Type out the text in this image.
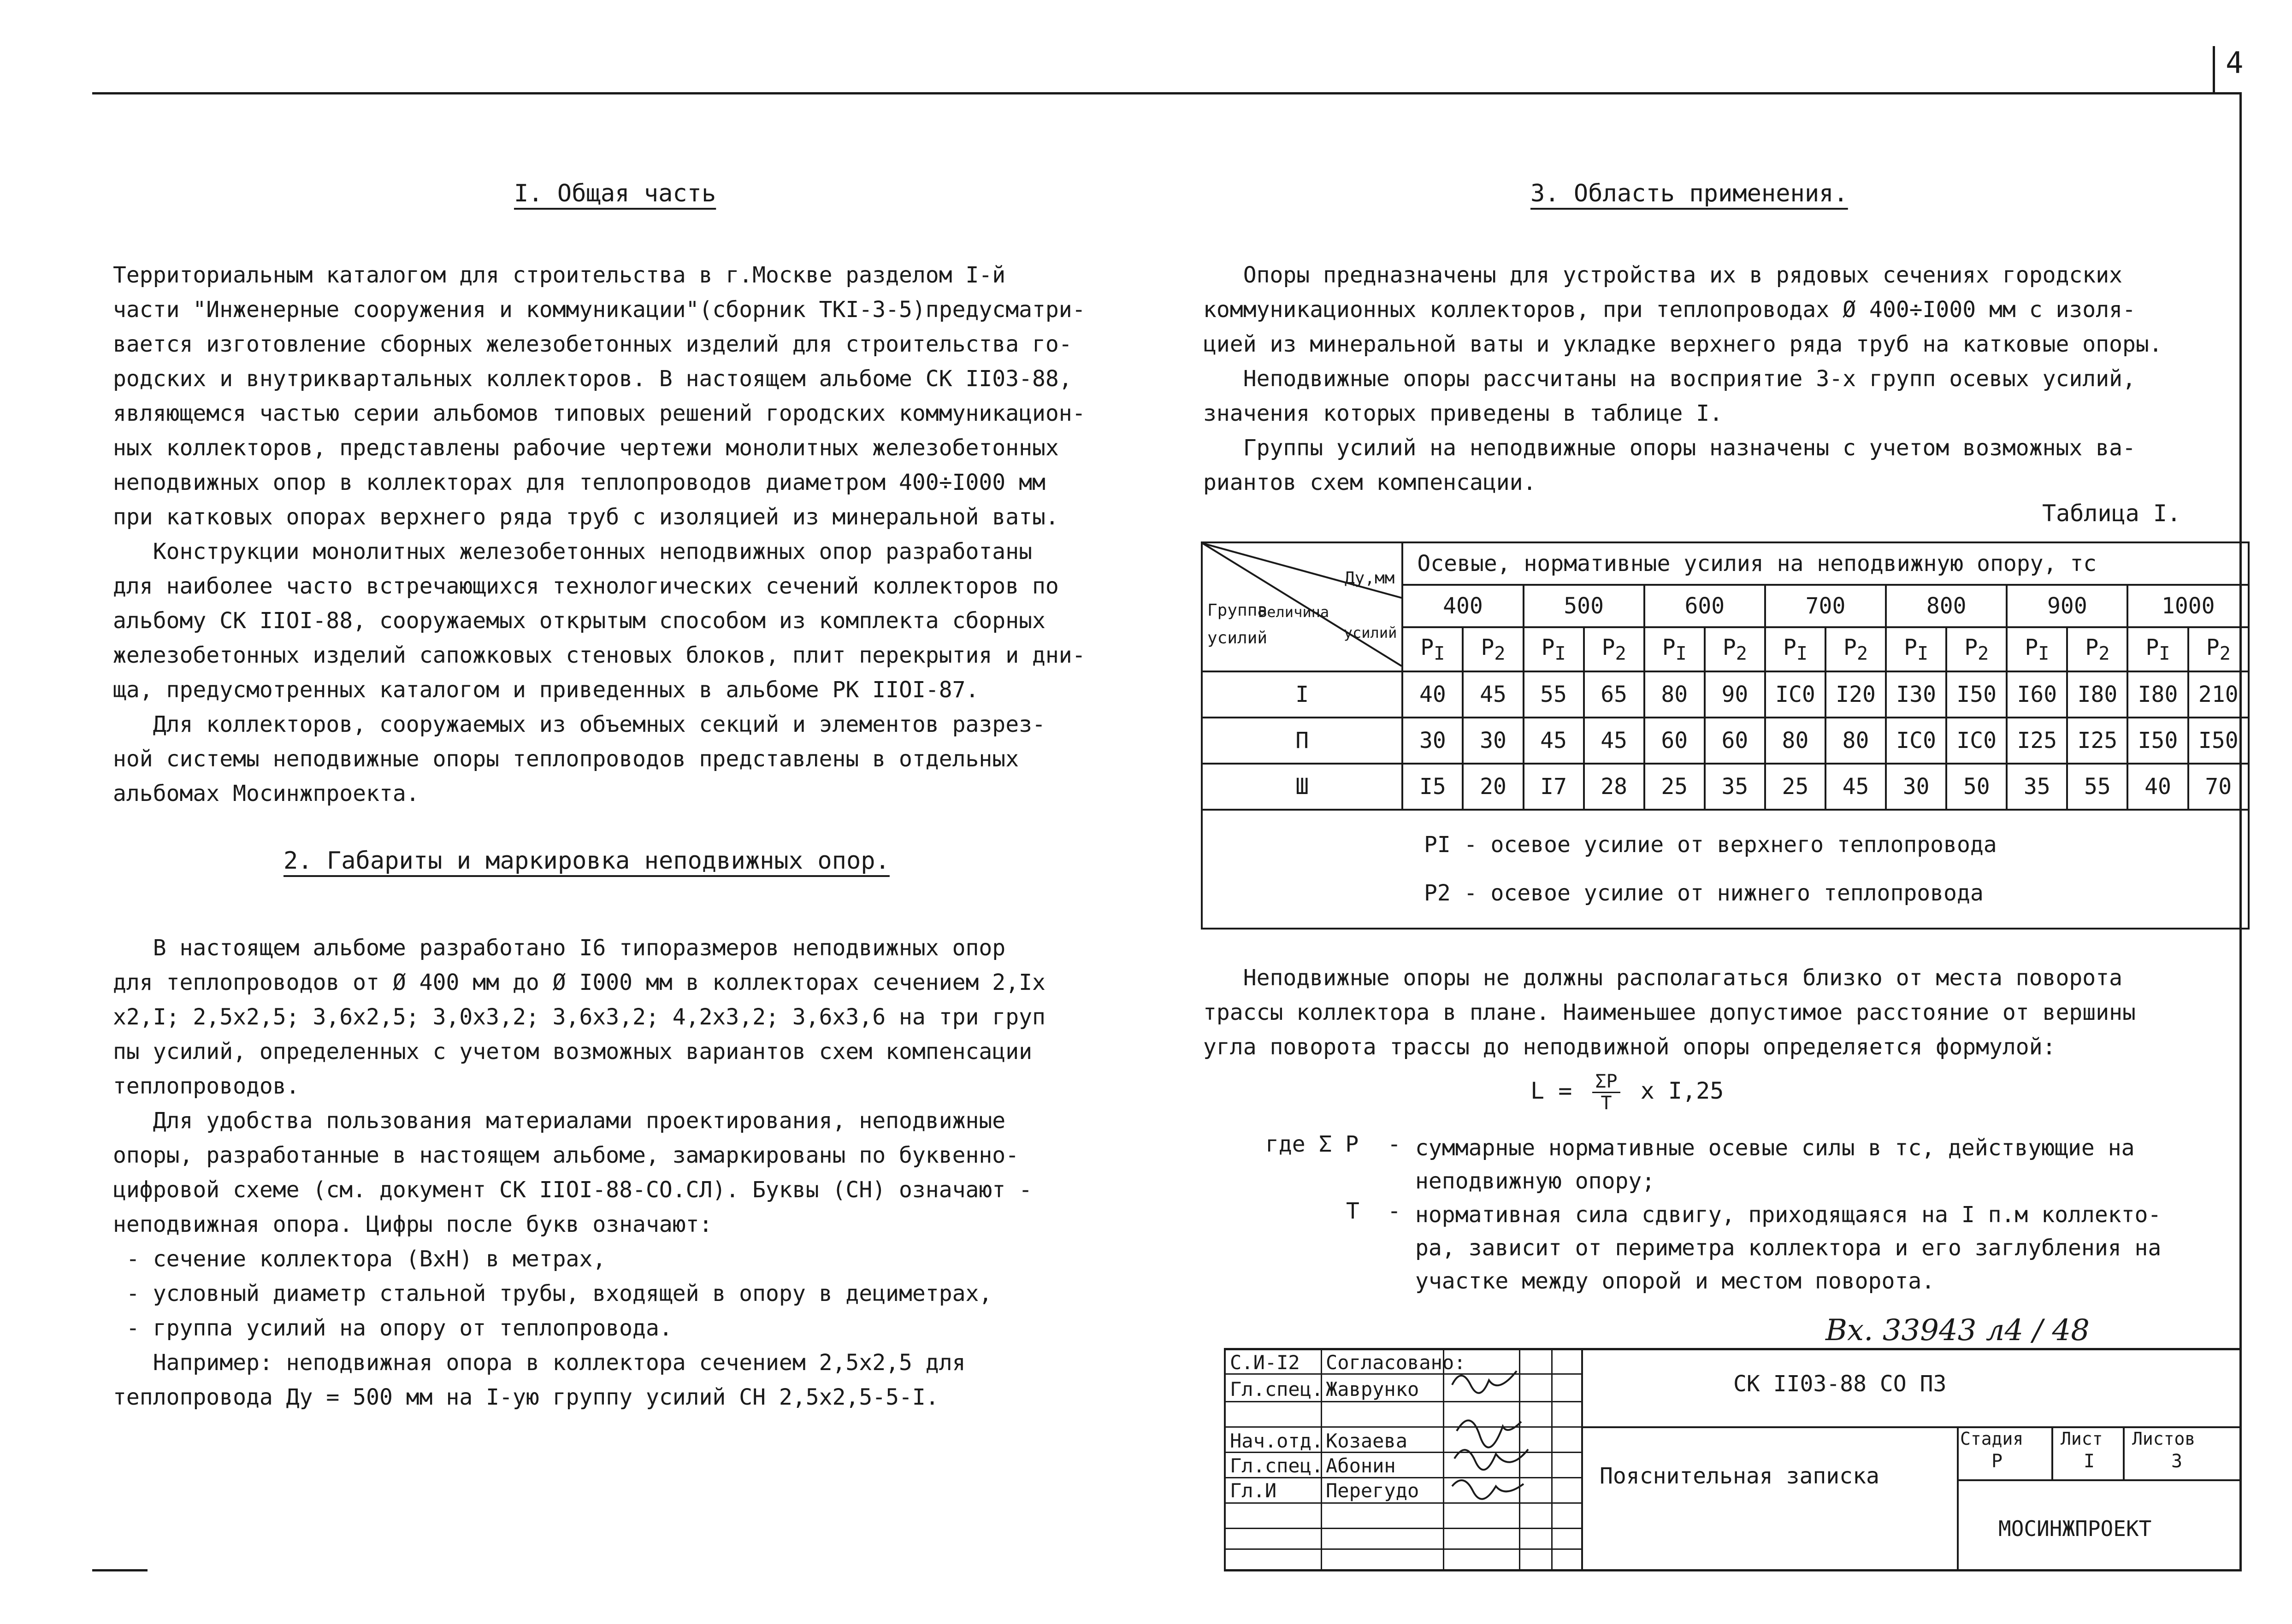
4
I. Общая часть
Территориальным каталогом для строительства в г.Москве разделом I-й
части "Инженерные сооружения и коммуникации"(сборник ТКI-3-5)предусматри-
вается изготовление сборных железобетонных изделий для строительства го-
родских и внутриквартальных коллекторов. В настоящем альбоме СК II03-88,
являющемся частью серии альбомов типовых решений городских коммуникацион-
ных коллекторов, представлены рабочие чертежи монолитных железобетонных
неподвижных опор в коллекторах для теплопроводов диаметром 400÷I000 мм
при катковых опорах верхнего ряда труб с изоляцией из минеральной ваты.
Конструкции монолитных железобетонных неподвижных опор разработаны
для наиболее часто встречающихся технологических сечений коллекторов по
альбому СК IIOI-88, сооружаемых открытым способом из комплекта сборных
железобетонных изделий сапожковых стеновых блоков, плит перекрытия и дни-
ща, предусмотренных каталогом и приведенных в альбоме РК IIOI-87.
Для коллекторов, сооружаемых из объемных секций и элементов разрез-
ной системы неподвижные опоры теплопроводов представлены в отдельных
альбомах Мосинжпроекта.
2. Габариты и маркировка неподвижных опор.
В настоящем альбоме разработано I6 типоразмеров неподвижных опор
для теплопроводов от Ø 400 мм до Ø I000 мм в коллекторах сечением 2,Iх
х2,I; 2,5х2,5; 3,6х2,5; 3,0х3,2; 3,6х3,2; 4,2х3,2; 3,6х3,6 на три груп
пы усилий, определенных с учетом возможных вариантов схем компенсации
теплопроводов.
Для удобства пользования материалами проектирования, неподвижные
опоры, разработанные в настоящем альбоме, замаркированы по буквенно-
цифровой схеме (см. документ СК IIOI-88-СО.СЛ). Буквы (СН) означают -
неподвижная опора. Цифры после букв означают:
- сечение коллектора (ВхН) в метрах,
- условный диаметр стальной трубы, входящей в опору в дециметрах,
- группа усилий на опору от теплопровода.
Например: неподвижная опора в коллектора сечением 2,5х2,5 для
теплопровода Ду = 500 мм на I-ую группу усилий СН 2,5х2,5-5-I.
3. Область применения.
Опоры предназначены для устройства их в рядовых сечениях городских
коммуникационных коллекторов, при теплопроводах Ø 400÷I000 мм с изоля-
цией из минеральной ваты и укладке верхнего ряда труб на катковые опоры.
Неподвижные опоры рассчитаны на восприятие 3-х групп осевых усилий,
значения которых приведены в таблице I.
Группы усилий на неподвижные опоры назначены с учетом возможных ва-
риантов схем компенсации.
Таблица I.
Ду,мм
Величина
усилий
Группа
усилий	Осевые, нормативные усилия на неподвижную опору, тс													
	400		500		600		700		800		900		1000	
	$P_I$	$P_2$	$P_I$	$P_2$	$P_I$	$P_2$	$P_I$	$P_2$	$P_I$	$P_2$	$P_I$	$P_2$	$P_I$	$P_2$
I	40	45	55	65	80	90	IC0	I20	I30	I50	I60	I80	I80	210
П	30	30	45	45	60	60	80	80	IC0	IC0	I25	I25	I50	I50
Ш	I5	20	I7	28	25	35	25	45	30	50	35	55	40	70

PI - осевое усилие от верхнего теплопровода
P2 - осевое усилие от нижнего теплопровода														
Неподвижные опоры не должны располагаться близко от места поворота
трассы коллектора в плане. Наименьшее допустимое расстояние от вершины
угла поворота трассы до неподвижной опоры определяется формулой:
$L = \frac{\Sigma P}{T}$ x I,25
где Σ P - суммарные нормативные осевые силы в тс, действующие на
неподвижную опору;
T - нормативная сила сдвигу, приходящаяся на I п.м коллекто-
ра, зависит от периметра коллектора и его заглубления на
участке между опорой и местом поворота.
Вх. 33943 л4 / 48
С.И-I2 Согласовано:
Гл.спец. Жаврунко
Нач.отд. Козаева
Гл.спец. Абонин
Гл.И	Перегудо
СК II03-88 СО ПЗ
Пояснительная записка
Стадия
Р
Лист
I
Листов
3
МОСИНЖПРОЕКТ
